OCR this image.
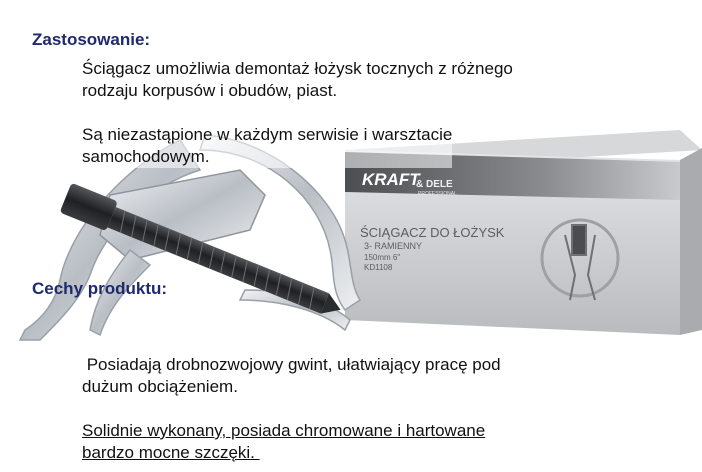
KRAFT
& DELE
PROFESSIONAL
ŚCIĄGACZ DO ŁOŻYSK
3- RAMIENNY
150mm 6"
KD1108
Zastosowanie:
Ściągacz umożliwia demontaż łożysk tocznych z różnego
rodzaju korpusów i obudów, piast.
Są niezastąpione w każdym serwisie i warsztacie
samochodowym.
Cechy produktu:
Posiadają drobnozwojowy gwint, ułatwiający pracę pod
dużum obciążeniem.
Solidnie wykonany, posiada chromowane i hartowane
bardzo mocne szczęki.
